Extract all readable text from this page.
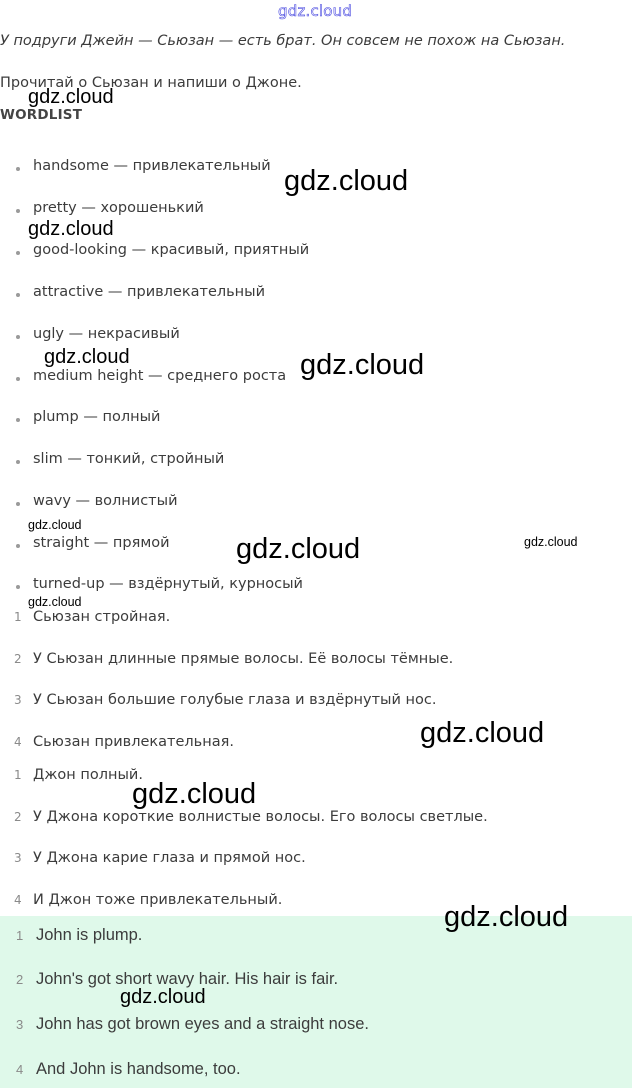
gdz.cloud
У подруги Джейн — Сьюзан — есть брат. Он совсем не похож на Сьюзан.
Прочитай о Сьюзан и напиши о Джоне.
WORDLIST
handsome — привлекательный
pretty — хорошенький
good-looking — красивый, приятный
attractive — привлекательный
ugly — некрасивый
medium height — среднего роста
plump — полный
slim — тонкий, стройный
wavy — волнистый
straight — прямой
turned-up — вздёрнутый, курносый
1 Сьюзан стройная.
2 У Сьюзан длинные прямые волосы. Её волосы тёмные.
3 У Сьюзан большие голубые глаза и вздёрнутый нос.
4 Сьюзан привлекательная.
1 Джон полный.
2 У Джона короткие волнистые волосы. Его волосы светлые.
3 У Джона карие глаза и прямой нос.
4 И Джон тоже привлекательный.
1 John is plump.
2 John's got short wavy hair. His hair is fair.
3 John has got brown eyes and a straight nose.
4 And John is handsome, too.
gdz.cloud
gdz.cloud
gdz.cloud
gdz.cloud	gdz.cloud
gdz.cloud
gdz.cloud	gdz.cloud
gdz.cloud
gdz.cloud
gdz.cloud
gdz.cloud
gdz.cloud
